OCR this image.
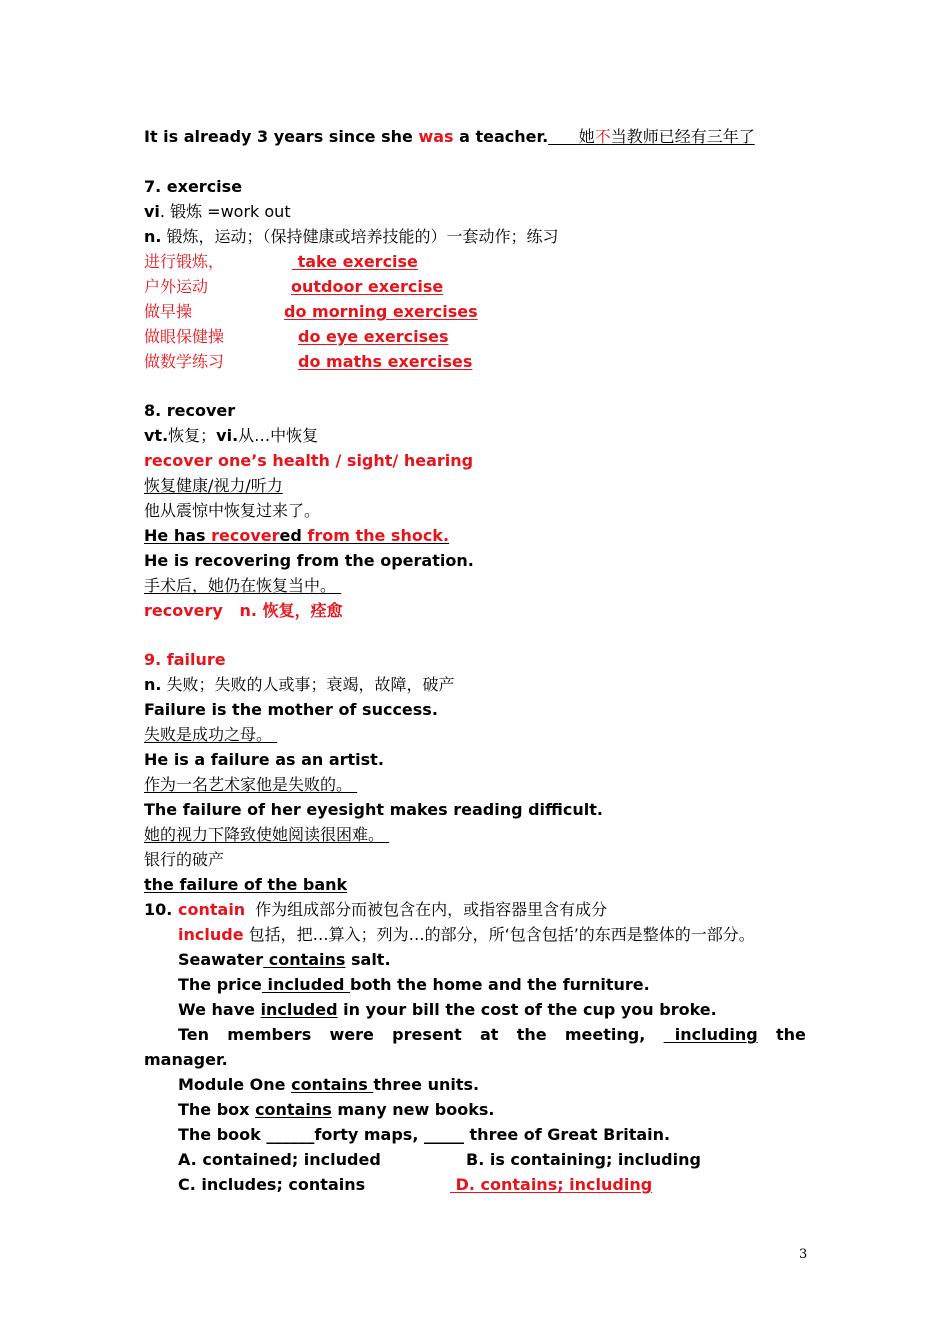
It is already 3 years since she was a teacher. 她不当教师已经有三年了
7. exercise
vi. 锻炼 =work out
n. 锻炼，运动；（保持健康或培养技能的）一套动作；练习
进行锻炼，	take exercise
户外运动	outdoor exercise
做早操	do morning exercises
做眼保健操	do eye exercises
做数学练习	do maths exercises
8. recover
vt.恢复；vi.从…中恢复
recover one’s health / sight/ hearing
恢复健康/视力/听力
他从震惊中恢复过来了。
He has recovered from the shock.
He is recovering from the operation.
手术后，她仍在恢复当中。
recovery   n. 恢复，痊愈
9. failure
n. 失败；失败的人或事；衰竭，故障，破产
Failure is the mother of success.
失败是成功之母。
He is a failure as an artist.
作为一名艺术家他是失败的。
The failure of her eyesight makes reading difficult.
她的视力下降致使她阅读很困难。
银行的破产
the failure of the bank
10. contain 作为组成部分而被包含在内，或指容器里含有成分
include 包括，把…算入；列为…的部分，所‘包含包括’的东西是整体的一部分。
Seawater contains salt.
The price included both the home and the furniture.
We have included in your bill the cost of the cup you broke.
Ten members were present at the meeting, including the
manager.
Module One contains three units.
The box contains many new books.
The book ______forty maps, _____ three of Great Britain.
A. contained; included	B. is containing; including
C. includes; contains	D. contains; including
3
